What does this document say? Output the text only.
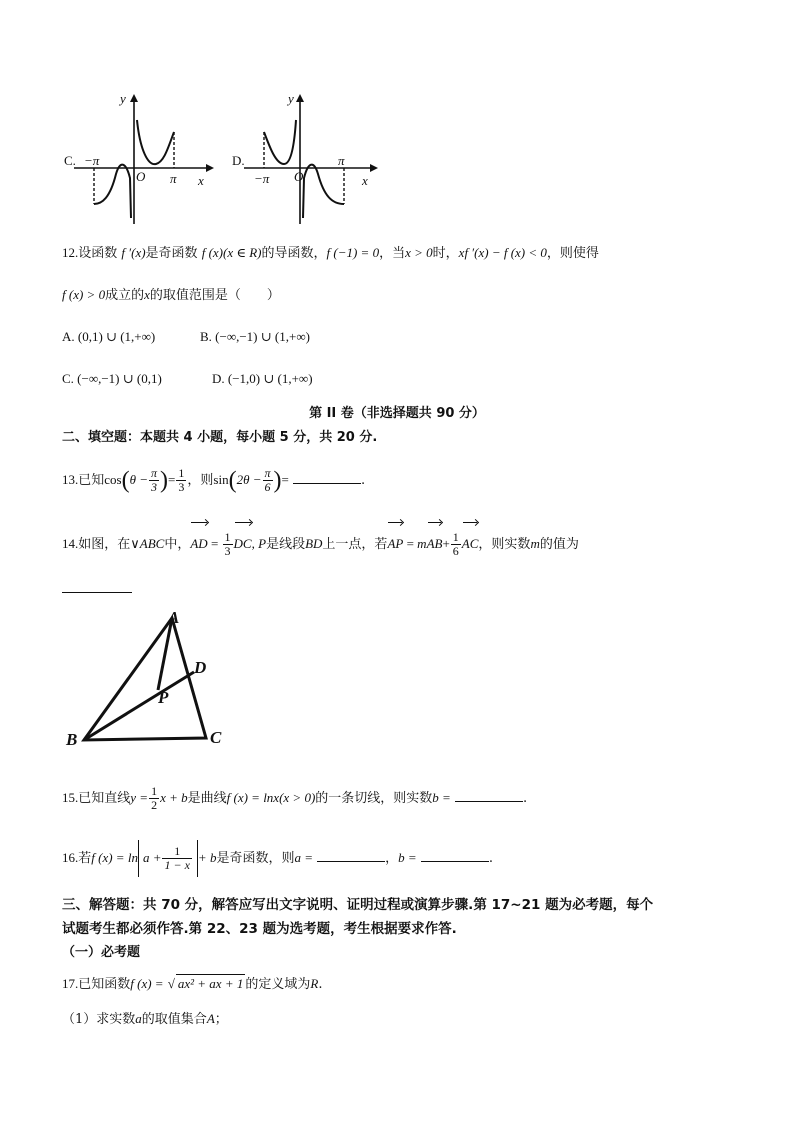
C.
y
x
O
−π
π
D.
y
x
O
−π
π
12.设函数 f ′(x)是奇函数 f (x)(x ∈ R)的导函数，f (−1) = 0，当x > 0时，xf ′(x) − f (x) < 0，则使得
f (x) > 0成立的x的取值范围是（　　）
A. (0,1) ∪ (1,+∞)	B. (−∞,−1) ∪ (1,+∞)
C. (−∞,−1) ∪ (0,1)	D. (−1,0) ∪ (1,+∞)
第 II 卷（非选择题共 90 分）
二、填空题：本题共 4 小题，每小题 5 分，共 20 分.
13.已知$\cos(\theta - \frac{\pi}{3}$ )= $\frac{1}{3}$ ，则$\sin(2\theta - \frac{\pi}{6}$ )=	.
14.如图，在∨ABC中，AD = $\frac{1}{3}$ DC, P是线段BD上一点，若AP = $mAB+ \frac{1}{6}$ AC，则实数m的值为
A
B	C
D
P
15.已知直线$y = \frac{1}{2}$ x + b是曲线f (x) = lnx(x > 0)的一条切线，则实数b =	.
16.若f $(x) = \ln a + \frac{1}{1 - x} + b$是奇函数，则a =	，b =	.
三、解答题：共 70 分，解答应写出文字说明、证明过程或演算步骤.第 17~21 题为必考题，每个
试题考生都必须作答.第 22、23 题为选考题，考生根据要求作答.
（一）必考题
17.已知函数f (x) = √ ax² + ax + 1 的定义域为R.
（1）求实数a的取值集合A；
